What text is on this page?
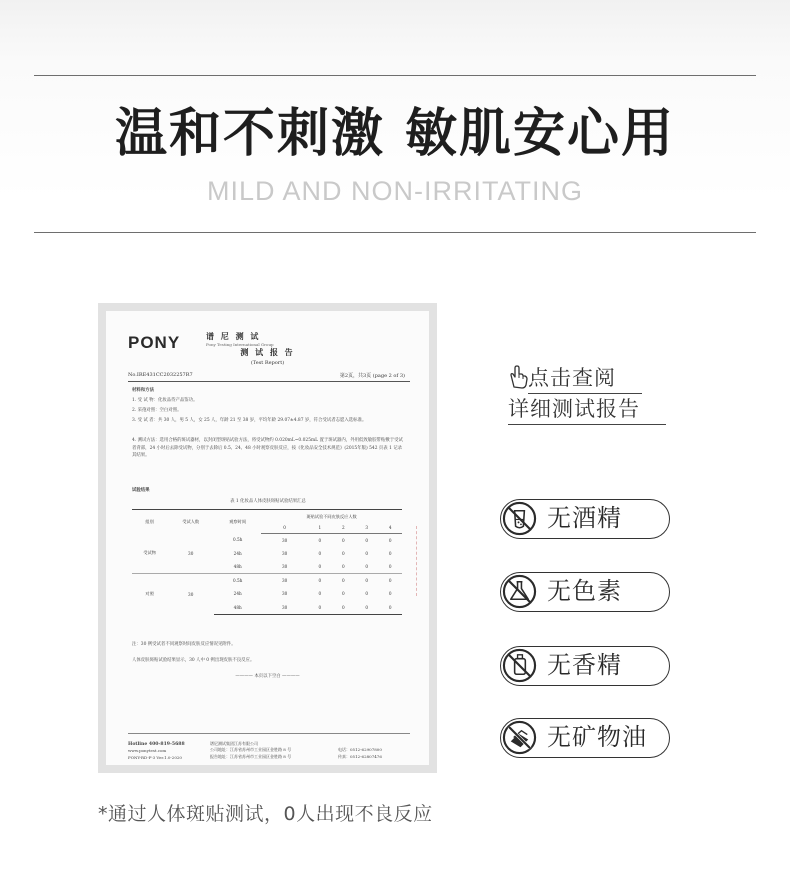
温和不刺激 敏肌安心用
MILD AND NON-IRRITATING
PONY	谱 尼 测 试
Pony Testing International Group
测 试 报 告
(Test Report)
No.IRE431CC2032257R7	第2页，共3页 (page 2 of 3)
材料和方法
1. 受 试 物：化妆品待产品鉴功。
2. 采孢对照：空白对照。
3. 受 试 者：共 30 人，男 5 人，女 25 人，年龄 21 至 38 岁，平均年龄 29.07±4.87 岁，符合受试者志愿入选标准。
4. 测试方法：选用合格的斑试器材，以封闭型斑贴试验方法，将受试物约 0.020mL~0.025mL 置于斑试器内，外用低致敏胶带贴敷于受试者背部，24 小时后去除受试物，分别于去除后 0.5、24、48 小时观察皮肤反应，按《化妆品安全技术规范》(2015年版) 542 页表 1 记录其结果。
试验结果
表 1 化妆品人体皮肤斑贴试验结果汇总
组别	受试人数	观察时间	斑贴试验不同皮肤反应人数				
			0	1	2	3	4
受试物	30	0.5h	30	0	0	0	0
		24h	30	0	0	0	0
		48h	30	0	0	0	0
对照	30	0.5h	30	0	0	0	0
		24h	30	0	0	0	0
		48h	30	0	0	0	0
注：30 例受试者不同观察时间皮肤反应情况见附件。
人体皮肤斑贴试验结果显示，30 人中 0 例出现皮肤不良反应。
———— 本页以下空白 ————
Hotline 400-819-5688
www.ponytest.com
PONY-RD-F-3 Ver.1.0-2020
谱尼测试集团江苏有限公司
公司地址：江苏省苏州市工业园区金胜路 8 号
报告地址：江苏省苏州市工业园区金胜路 8 号

电话：0512-62907800
传真：0512-62807476
点击查阅
详细测试报告
无酒精
无色素
无香精
无矿物油
*通过人体斑贴测试，0人出现不良反应
